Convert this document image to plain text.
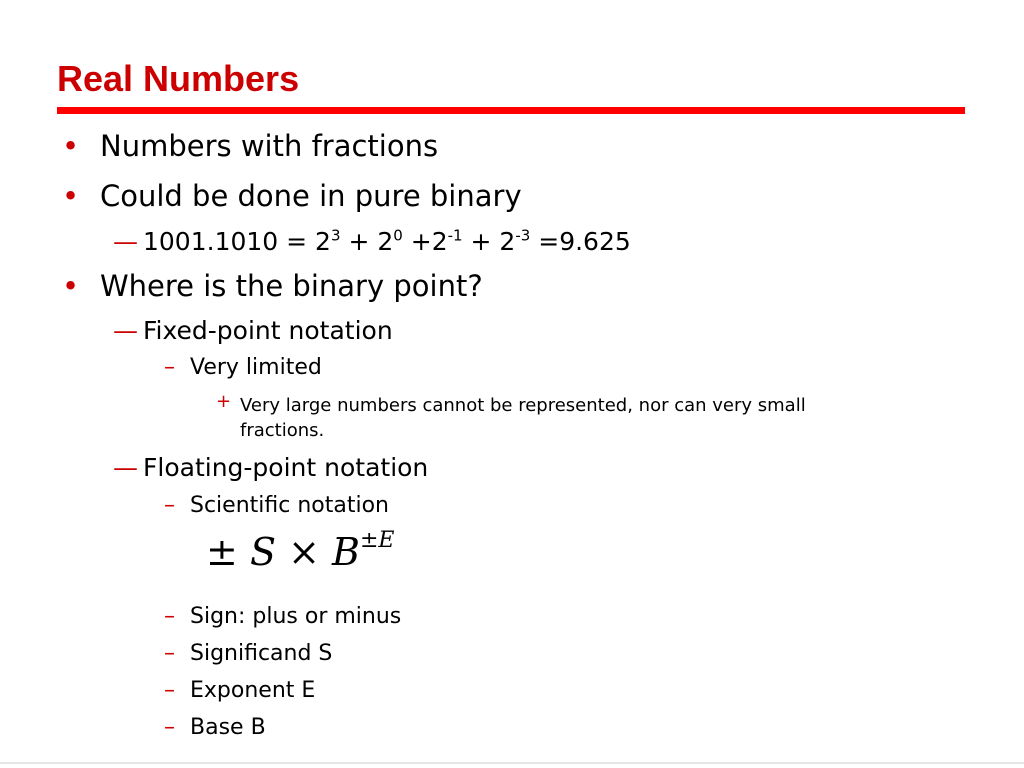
Real Numbers
• Numbers with fractions
• Could be done in pure binary
— $1001.1010 = 2^3 + 2^0 +2^{-1} + 2^{-3} =9.625$
• Where is the binary point?
— Fixed-point notation
– Very limited
+ Very large numbers cannot be represented, nor can very small fractions.
— Floating-point notation
– Scientific notation
± $S \times B^{\pm E}$
– Sign: plus or minus
– Significand S
– Exponent E
– Base B
